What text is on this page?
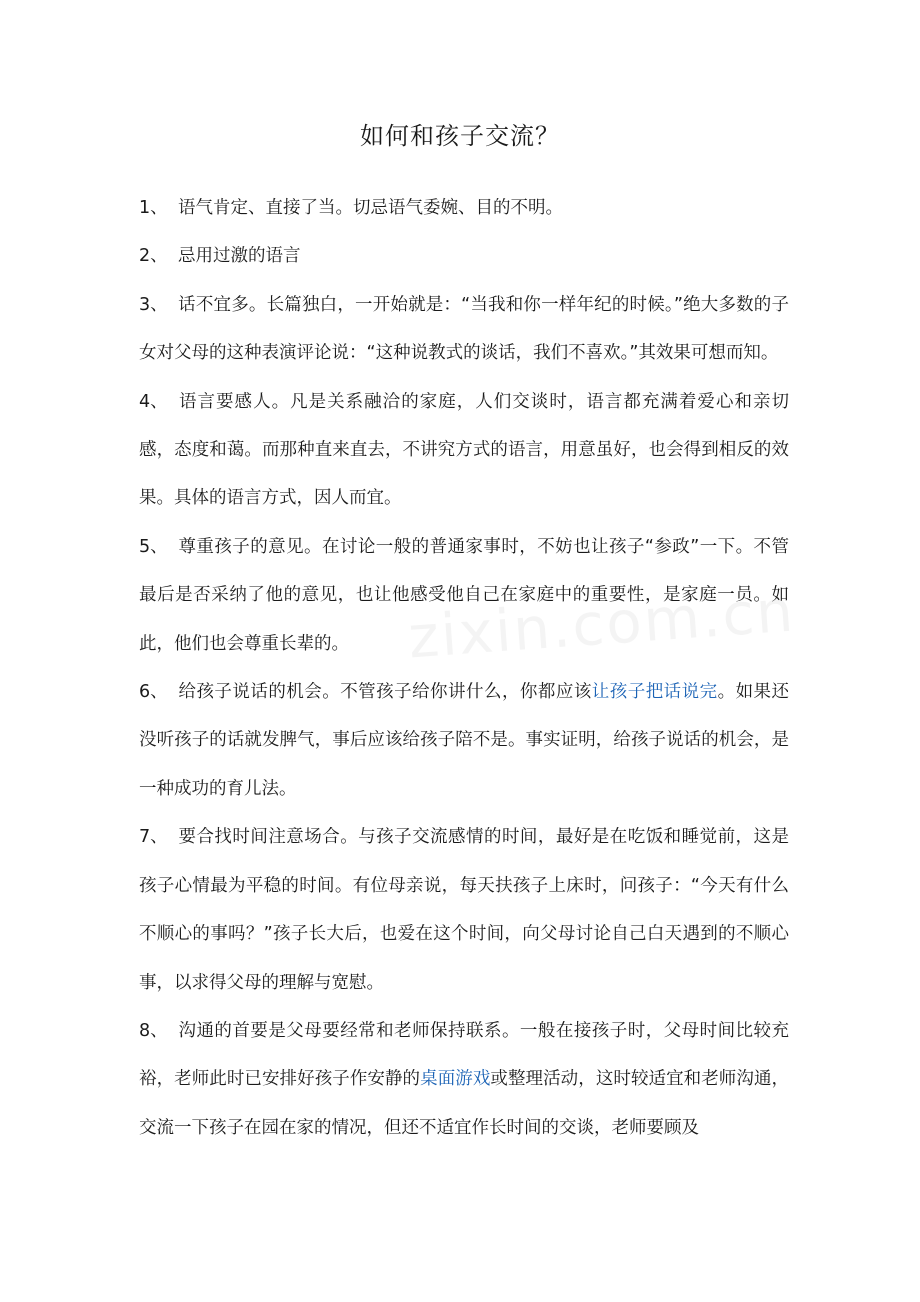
如何和孩子交流？

1、 语气肯定、直接了当。切忌语气委婉、目的不明。

2、 忌用过激的语言

3、 话不宜多。长篇独白，一开始就是：“当我和你一样年纪的时候。”绝大多数的子女对父母的这种表演评论说：“这种说教式的谈话，我们不喜欢。”其效果可想而知。

4、 语言要感人。凡是关系融洽的家庭，人们交谈时，语言都充满着爱心和亲切感，态度和蔼。而那种直来直去，不讲究方式的语言，用意虽好，也会得到相反的效果。具体的语言方式，因人而宜。

5、 尊重孩子的意见。在讨论一般的普通家事时，不妨也让孩子“参政”一下。不管最后是否采纳了他的意见，也让他感受他自己在家庭中的重要性，是家庭一员。如此，他们也会尊重长辈的。

6、 给孩子说话的机会。不管孩子给你讲什么，你都应该让孩子把话说完。如果还没听孩子的话就发脾气，事后应该给孩子陪不是。事实证明，给孩子说话的机会，是一种成功的育儿法。

7、 要合找时间注意场合。与孩子交流感情的时间，最好是在吃饭和睡觉前，这是孩子心情最为平稳的时间。有位母亲说，每天扶孩子上床时，问孩子：“今天有什么不顺心的事吗？”孩子长大后，也爱在这个时间，向父母讨论自己白天遇到的不顺心事，以求得父母的理解与宽慰。

8、 沟通的首要是父母要经常和老师保持联系。一般在接孩子时，父母时间比较充裕，老师此时已安排好孩子作安静的桌面游戏或整理活动，这时较适宜和老师沟通，交流一下孩子在园在家的情况，但还不适宜作长时间的交谈，老师要顾及
